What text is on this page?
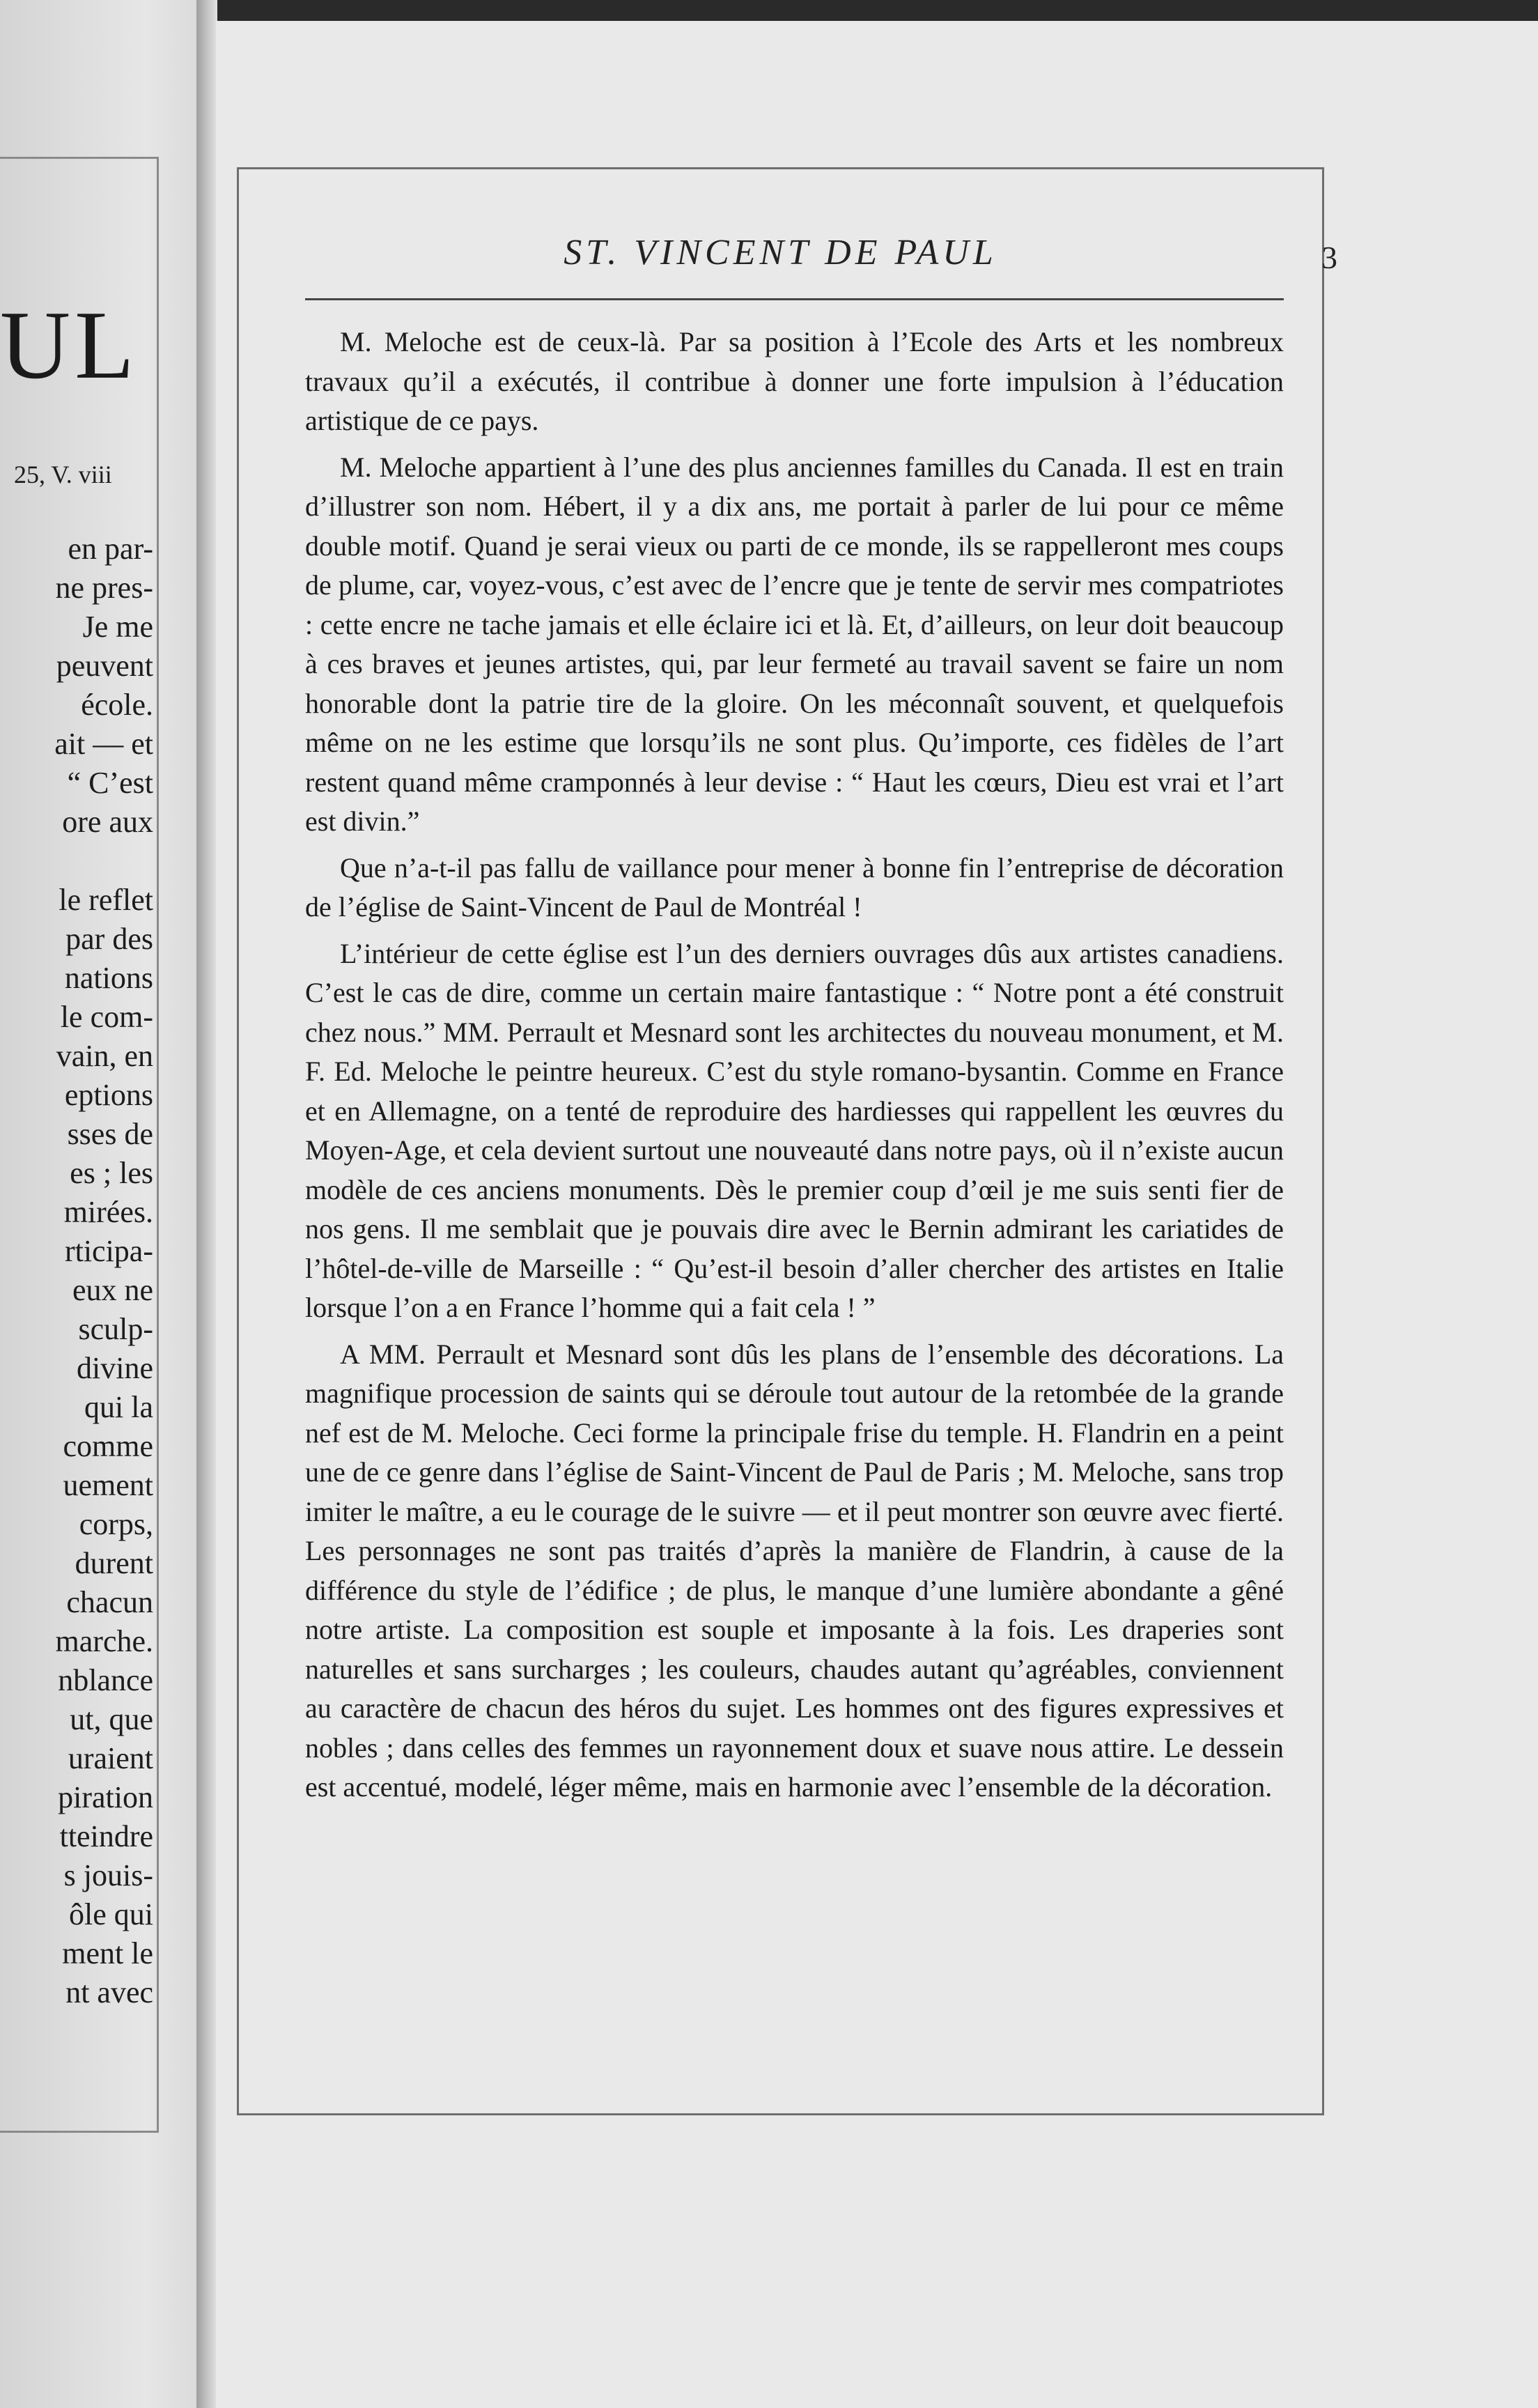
UL
25, V. viii
en par-
ne pres-
Je me
peuvent
école.
ait — et
“ C’est
ore aux
le reflet
par des
nations
le com-
vain, en
eptions
sses de
es ; les
mirées.
rticipa-
eux ne
sculp-
divine
qui la
comme
uement
corps,
durent
chacun
marche.
nblance
ut, que
uraient
piration
tteindre
s jouis-
ôle qui
ment le
nt avec
ST. VINCENT DE PAUL	3

M. Meloche est de ceux-là. Par sa position à l’Ecole des Arts et les nombreux travaux qu’il a exécutés, il contribue à donner une forte impulsion à l’éducation artistique de ce pays.

M. Meloche appartient à l’une des plus anciennes familles du Canada. Il est en train d’illustrer son nom. Hébert, il y a dix ans, me portait à parler de lui pour ce même double motif. Quand je serai vieux ou parti de ce monde, ils se rappelleront mes coups de plume, car, voyez-vous, c’est avec de l’encre que je tente de servir mes compatriotes : cette encre ne tache jamais et elle éclaire ici et là. Et, d’ailleurs, on leur doit beaucoup à ces braves et jeunes artistes, qui, par leur fermeté au travail savent se faire un nom honorable dont la patrie tire de la gloire. On les méconnaît souvent, et quelquefois même on ne les estime que lorsqu’ils ne sont plus. Qu’importe, ces fidèles de l’art restent quand même cramponnés à leur devise : “ Haut les cœurs, Dieu est vrai et l’art est divin.”

Que n’a-t-il pas fallu de vaillance pour mener à bonne fin l’entreprise de décoration de l’église de Saint-Vincent de Paul de Montréal !

L’intérieur de cette église est l’un des derniers ouvrages dûs aux artistes canadiens. C’est le cas de dire, comme un certain maire fantastique : “ Notre pont a été construit chez nous.” MM. Perrault et Mesnard sont les architectes du nouveau monument, et M. F. Ed. Meloche le peintre heureux. C’est du style romano-bysantin. Comme en France et en Allemagne, on a tenté de reproduire des hardiesses qui rappellent les œuvres du Moyen-Age, et cela devient surtout une nouveauté dans notre pays, où il n’existe aucun modèle de ces anciens monuments. Dès le premier coup d’œil je me suis senti fier de nos gens. Il me semblait que je pouvais dire avec le Bernin admirant les cariatides de l’hôtel-de-ville de Marseille : “ Qu’est-il besoin d’aller chercher des artistes en Italie lorsque l’on a en France l’homme qui a fait cela ! ”

A MM. Perrault et Mesnard sont dûs les plans de l’ensemble des décorations. La magnifique procession de saints qui se déroule tout autour de la retombée de la grande nef est de M. Meloche. Ceci forme la principale frise du temple. H. Flandrin en a peint une de ce genre dans l’église de Saint-Vincent de Paul de Paris ; M. Meloche, sans trop imiter le maître, a eu le courage de le suivre — et il peut montrer son œuvre avec fierté. Les personnages ne sont pas traités d’après la manière de Flandrin, à cause de la différence du style de l’édifice ; de plus, le manque d’une lumière abondante a gêné notre artiste. La composition est souple et imposante à la fois. Les draperies sont naturelles et sans surcharges ; les couleurs, chaudes autant qu’agréables, conviennent au caractère de chacun des héros du sujet. Les hommes ont des figures expressives et nobles ; dans celles des femmes un rayonnement doux et suave nous attire. Le dessein est accentué, modelé, léger même, mais en harmonie avec l’ensemble de la décoration.
